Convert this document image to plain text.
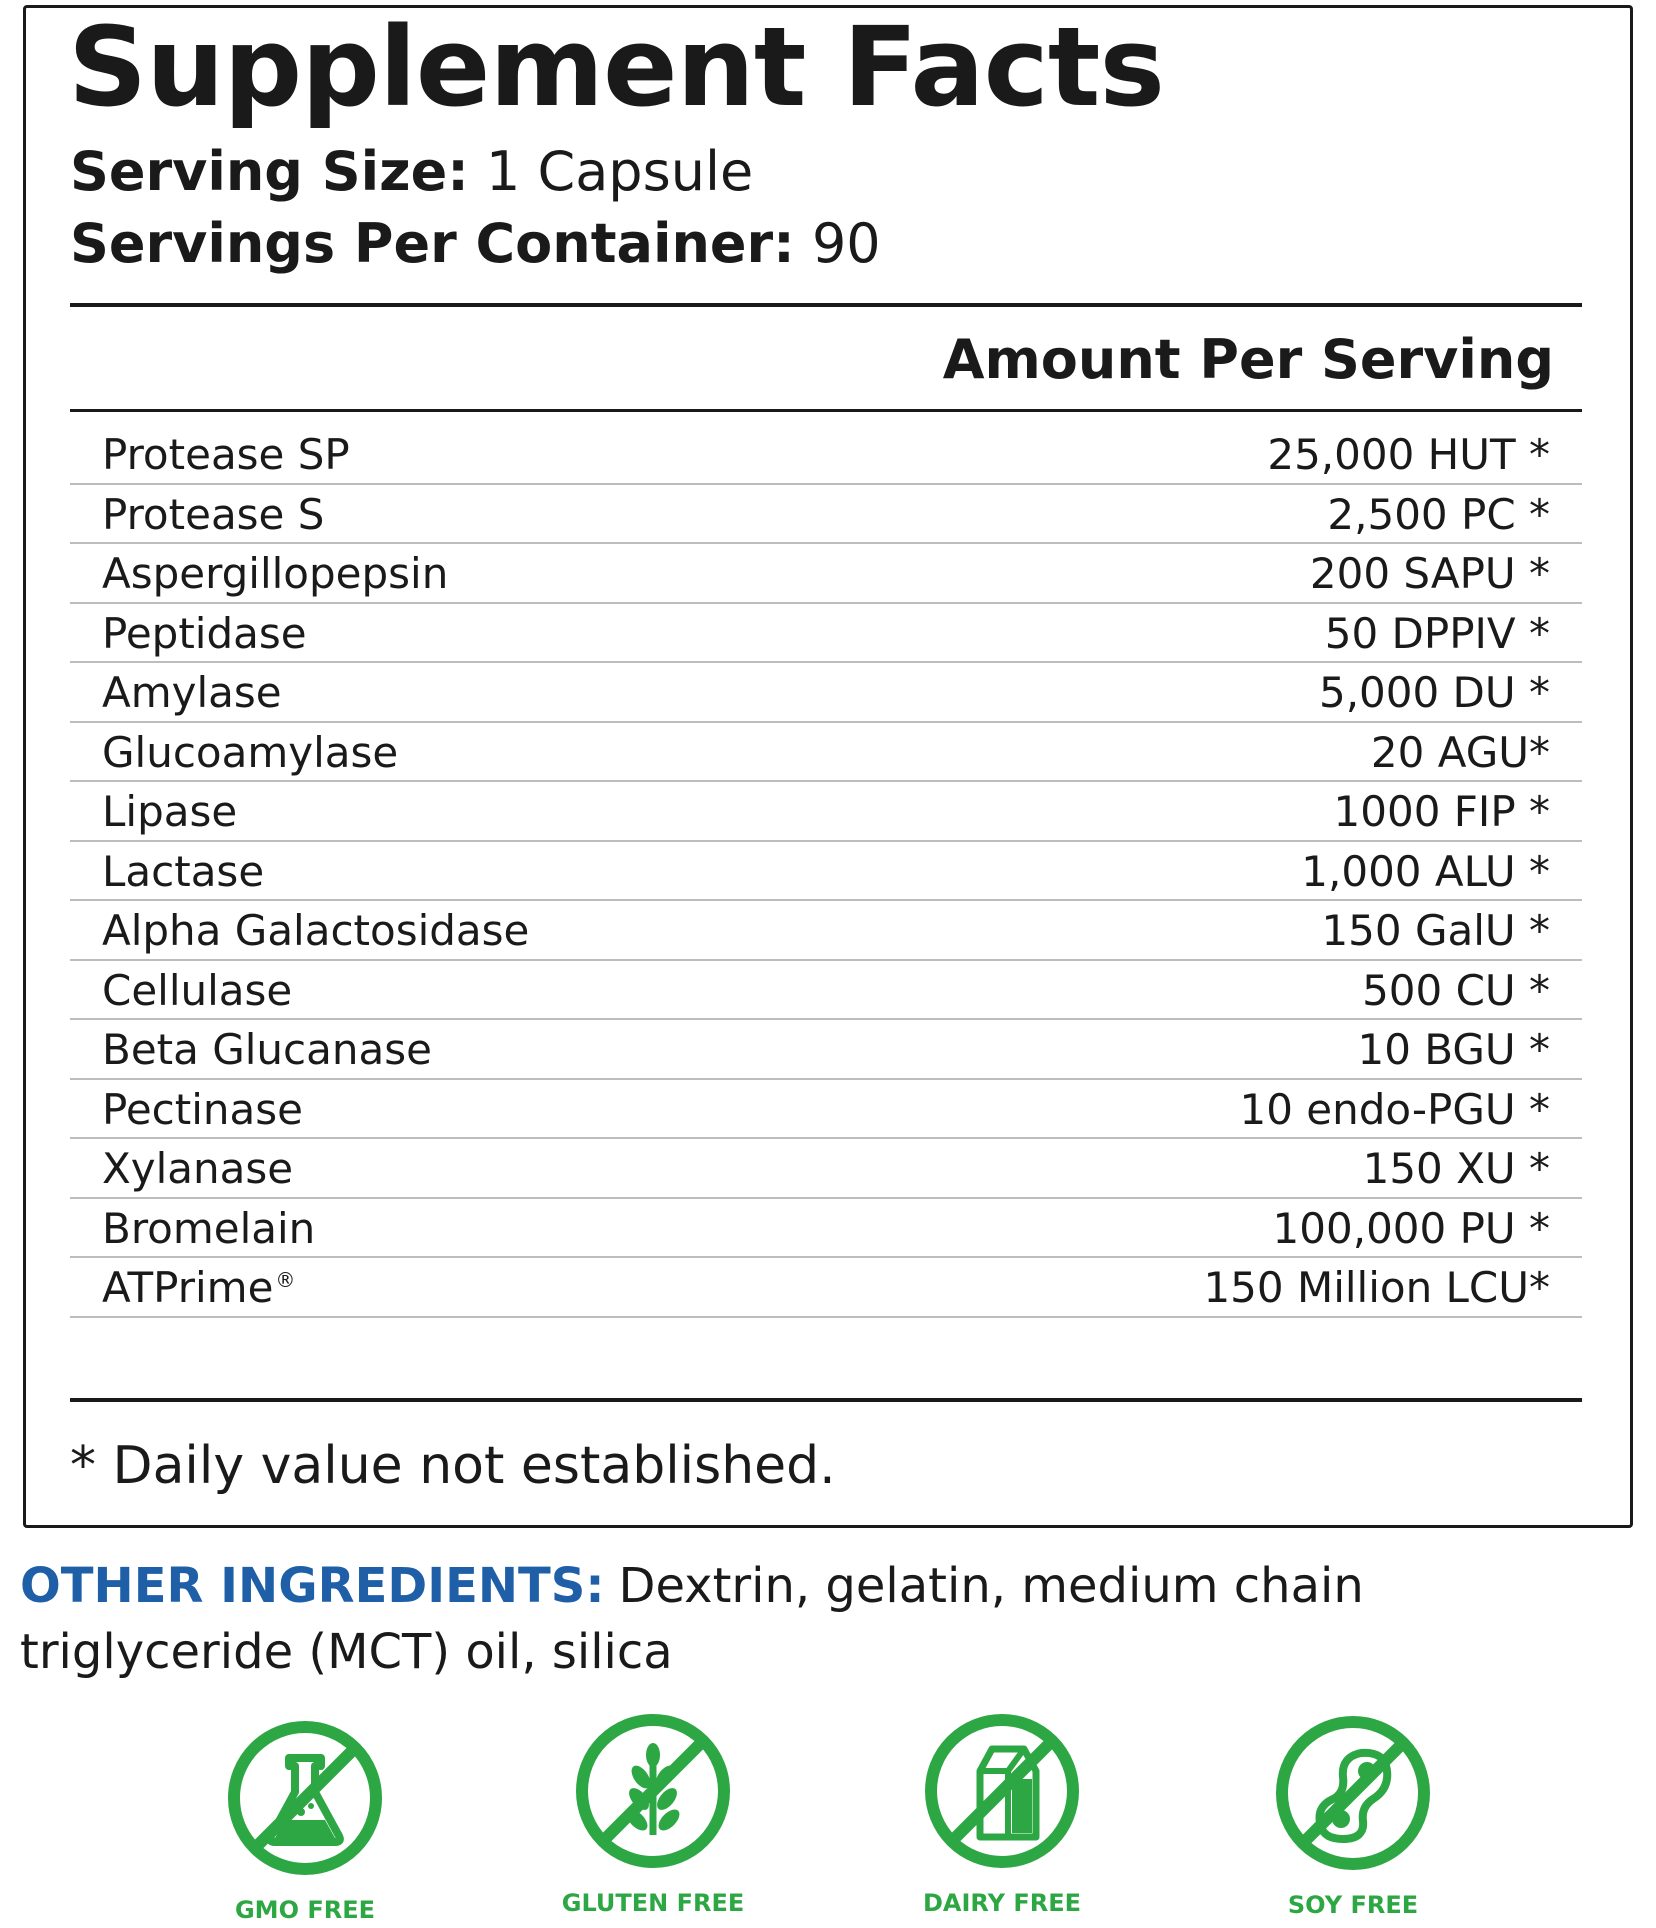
Supplement Facts
Serving Size: 1 Capsule
Servings Per Container: 90
Amount Per Serving
Protease SP	25,000 HUT *
Protease S	2,500 PC *
Aspergillopepsin	200 SAPU *
Peptidase	50 DPPIV *
Amylase	5,000 DU *
Glucoamylase	20 AGU*
Lipase	1000 FIP *
Lactase	1,000 ALU *
Alpha Galactosidase	150 GalU *
Cellulase	500 CU *
Beta Glucanase	10 BGU *
Pectinase	10 endo-PGU *
Xylanase	150 XU *
Bromelain	100,000 PU *
ATPrime ®	150 Million LCU*
* Daily value not established.
OTHER INGREDIENTS: Dextrin, gelatin, medium chain triglyceride (MCT) oil, silica
GMO FREE	GLUTEN FREE	DAIRY FREE	SOY FREE
